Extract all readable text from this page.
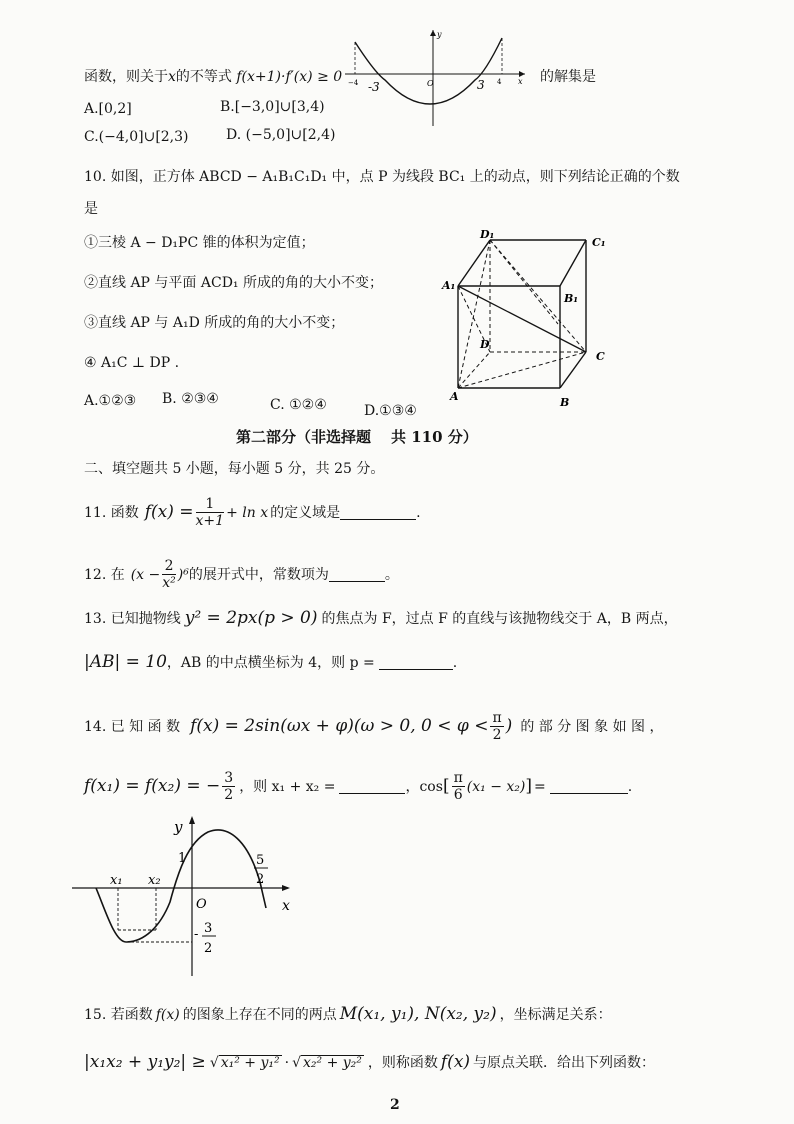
函数，则关于x的不等式 f(x+1)·f′(x) ≥ 0
y
O
−4 -3	3 4 x 的解集是
A.[0,2]	B.[−3,0]∪[3,4)
C.(−4,0]∪[2,3)	D. (−5,0]∪[2,4)
10. 如图，正方体 ABCD − A₁B₁C₁D₁ 中，点 P 为线段 BC₁ 上的动点，则下列结论正确的个数
是
①三棱 A − D₁PC 锥的体积为定值；
②直线 AP 与平面 ACD₁ 所成的角的大小不变；
③直线 AP 与 A₁D 所成的角的大小不变；
④ A₁C ⊥ DP .
A.①②③ B. ②③④	C. ①②④	D.①③④
D₁
C₁
A₁
B₁
D
C
A	B
第二部分（非选择题 共 110 分）
二、填空题共 5 小题，每小题 5 分，共 25 分。
11. 函数 $f(x) = \frac{1}{x+1} + \ln x$ 的定义域是	.
12. 在 $(x - \frac{2}{\text{x²}} )^6$ 的展开式中，常数项为	。
13. 已知抛物线 y² = 2px(p > 0) 的焦点为 F，过点 F 的直线与该抛物线交于 A，B 两点，
|AB| = 10 ，AB 的中点横坐标为 4，则 p =	.
14. 已 知 函 数 f(x) = 2sin(ωx + φ)(ω > 0, $0 < \varphi < \frac{\pi}{2}$ ) 的 部 分 图 象 如 图 ，
f(x₁) = f(x₂) = − $\frac{3}{2}$ ，则 x₁ + x₂ =	，cos [ $\frac{\pi}{6} (x_1 - x_2)$ ] =	.
y
1
x₁ x₂
O	x
5
2
- 3
2
15. 若函数 f(x) 的图象上存在不同的两点 M(x₁, y₁), N(x₂, y₂) ，坐标满足关系：
|x₁x₂ + y₁y₂| ≥ √ x₁² + y₁² · √ x₂² + y₂² ，则称函数 f(x) 与原点关联．给出下列函数：
2
